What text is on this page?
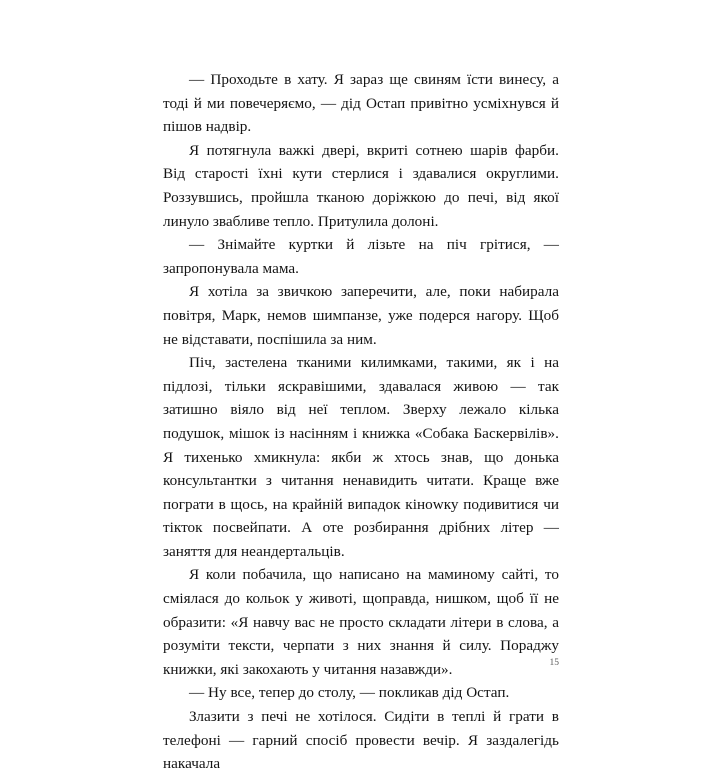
— Проходьте в хату. Я зараз ще свиням їсти винесу, а тоді й ми повечеряємо, — дід Остап привітно усміхнувся й пішов надвір.

Я потягнула важкі двері, вкриті сотнею шарів фарби. Від старості їхні кути стерлися і здавалися округлими. Роззувшись, пройшла тканою доріжкою до печі, від якої линуло звабливе тепло. Притулила долоні.

— Знімайте куртки й лізьте на піч грітися, — запропонувала мама.

Я хотіла за звичкою заперечити, але, поки набирала повітря, Марк, немов шимпанзе, уже подерся нагору. Щоб не відставати, поспішила за ним.

Піч, застелена тканими килимками, такими, як і на підлозі, тільки яскравішими, здавалася живою — так затишно віяло від неї теплом. Зверху лежало кілька подушок, мішок із насінням і книжка «Собака Баскервілів». Я тихенько хмикнула: якби ж хтось знав, що донька консультантки з читання ненавидить читати. Краще вже пограти в щось, на крайній випадок кінowку подивитися чи тікток посвейпати. А оте розбирання дрібних літер — заняття для неандертальців.

Я коли побачила, що написано на маминому сайті, то сміялася до кольок у животі, щоправда, нишком, щоб її не образити: «Я навчу вас не просто складати літери в слова, а розуміти тексти, черпати з них знання й силу. Пораджу книжки, які закохають у читання назавжди».

— Ну все, тепер до столу, — покликав дід Остап.

Злазити з печі не хотілося. Сидіти в теплі й грати в телефоні — гарний спосіб провести вечір. Я заздалегідь накачала

15
